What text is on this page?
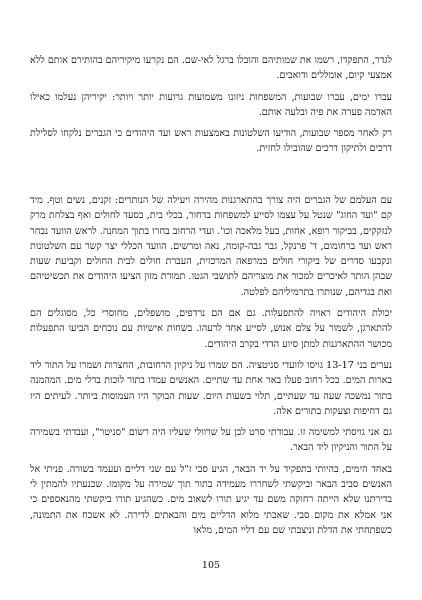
לגדר, התפקדו, רשמו את שמותיהם והובלו ברגל לאי-שם. הם נקרעו מיקיריהם בהותירם אותם ללא אמצעי קיום, אומללים ודואבים.

עברו ימים, עברו שבועות, המשפחות ניזונו משמועות גרועות יותר ויותר: יקיריהן נעלמו כאילו האדמה פערה את פיה ובלעה אותם.

רק לאחר מספר שבועות, הודיעו השלטונות באמצעות ראש ועד היהודים כי הגברים נלקחו לסלילת דרכים ולתיקון דרכים שהובילו לחזית.

עם העלמם של הגברים היה צורך בהתארגנות מהירה ויעילה של הנותרים: זקנים, נשים וטף. מיד קם "ועד החוג" שנטל על עצמו לסייע למשפחות בדחור, בכלי בית, בסעד לחולים ואף בצלחת מרק לנזקקים, בביקור רופא, אחות, בעל מלאכה וכו'. ועדי הרחוב בחרו בתוך המחנה. לראש הוועד נבחר ראש ועד ברחומום, ד' פרנקל, גבר גבה-קומה, נאה ומרשים. הוועד הכללי יצר קשר עם השלטונות ונקבעו סדרים של ביקורי חולים במרפאה המרכזית, העברת חולים לבית החולים וקביעת שעות שבהן הותר לאיכרים למכור את מוצריהם לתושבי הגטו. תמורת מזון הציעו היהודים את תכשיטיהם ואת בגדיהם, שנותרו בתרמיליהם לפלטה.

יכולת היהודים ראויה להתפעלות. גם אם הם נרדפים, מושפלים, מחוסרי כל, מסוגלים הם להתארגן, לשמור על צלם אנוש, לסייע אחד לרעהו. בשחות אישיות עם נוכחים הביעו התפעלות מכושר ההתארגנות למתן סיוע הדדי בקרב היהודים.

נערים בני 13-17 גויסו לוועדי סניטציה. הם שמרו על ניקיון הרחובות, החצרות ושמרו על התור ליד בארות המים. בכל רחוב פעלו באר אחת עד שתיים. האנשים עמדו בתור לוכות בדלי מים. המהמנה בתור נמשכה שעה עד שעתיים, תלוי בשעות היום. שעות הבוקר היו העמוסות ביותר. לעיתים היו גם דחיפות וצעקות בתורים אלה.

גם אני גויסתי למשימה זו. עבודתי סרט לבן על שרוולי שעליו היה רשום "סניטר", ועבדתי בשמירה על התור והניקיון ליד הבאר.

באחד הימים, בהיותי בתפקיד על יד הבאר, הגיע סבי ז"ל עם שני דליים ועעמד בשורה. פניתי אל האנשים סביב הבאר וביקשתי לשחררו מעמידה בתור תוך שמירה על מקומו. שכנעתיו להמתין לי בדירתנו שלא הייתה רחוקה משם עד יגיע תורו לשאוב מים. כשהגיע תורו ביקשתי מהנאספים כי אני אמלא את מקום סבי. שאבתי מלוא הדליים מים והבאתים לדירה. לא אשכח את התמונה, כשפתחתי את הדלת וניצבתי שם עם דליי המים, מלאו

105
